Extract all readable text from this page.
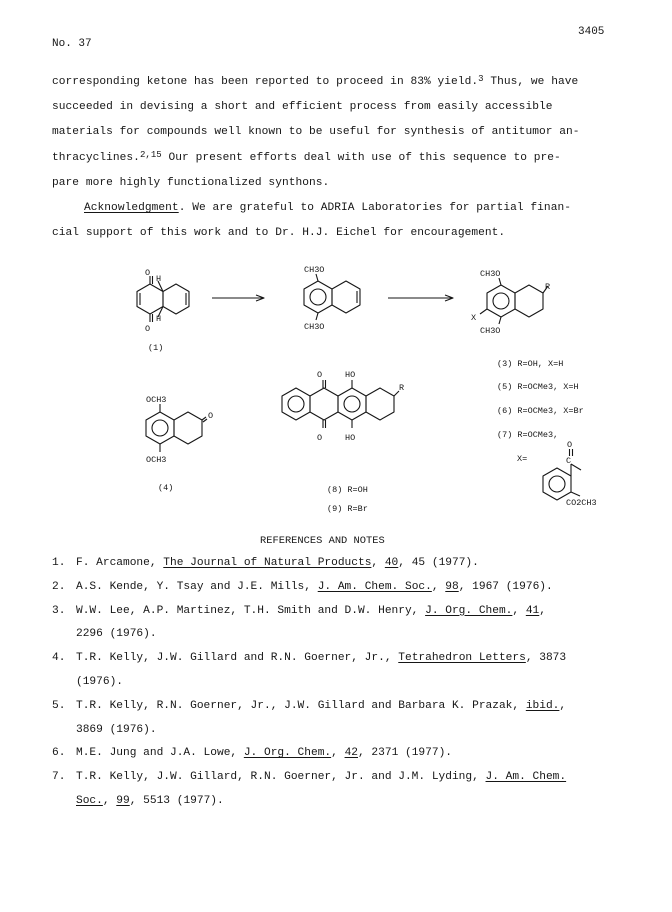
No. 37
3405
corresponding ketone has been reported to proceed in 83% yield.$^3$ Thus, we have
succeeded in devising a short and efficient process from easily accessible
materials for compounds well known to be useful for synthesis of antitumor an-
thracyclines.$^{2,15}$ Our present efforts deal with use of this sequence to pre-
pare more highly functionalized synthons.
Acknowledgment. We are grateful to ADRIA Laboratories for partial finan-
cial support of this work and to Dr. H.J. Eichel for encouragement.
O
H
H
O
(1)
CH3O
CH3O
CH3O
R
X
CH3O
(3) R=OH, X=H
(5) R=OCMe3, X=H
(6) R=OCMe3, X=Br
(7) R=OCMe3,
X=
O
C
CO2CH3
OCH3
O
OCH3
(4)
O	HO
R
O	HO
(8) R=OH
(9) R=Br
REFERENCES AND NOTES
1. F. Arcamone, The Journal of Natural Products, 40, 45 (1977).
2. A.S. Kende, Y. Tsay and J.E. Mills, J. Am. Chem. Soc., 98, 1967 (1976).
3. W.W. Lee, A.P. Martinez, T.H. Smith and D.W. Henry, J. Org. Chem., 41,
2296 (1976).
4. T.R. Kelly, J.W. Gillard and R.N. Goerner, Jr., Tetrahedron Letters, 3873
(1976).
5. T.R. Kelly, R.N. Goerner, Jr., J.W. Gillard and Barbara K. Prazak, ibid.,
3869 (1976).
6. M.E. Jung and J.A. Lowe, J. Org. Chem., 42, 2371 (1977).
7. T.R. Kelly, J.W. Gillard, R.N. Goerner, Jr. and J.M. Lyding, J. Am. Chem.
Soc., 99, 5513 (1977).
